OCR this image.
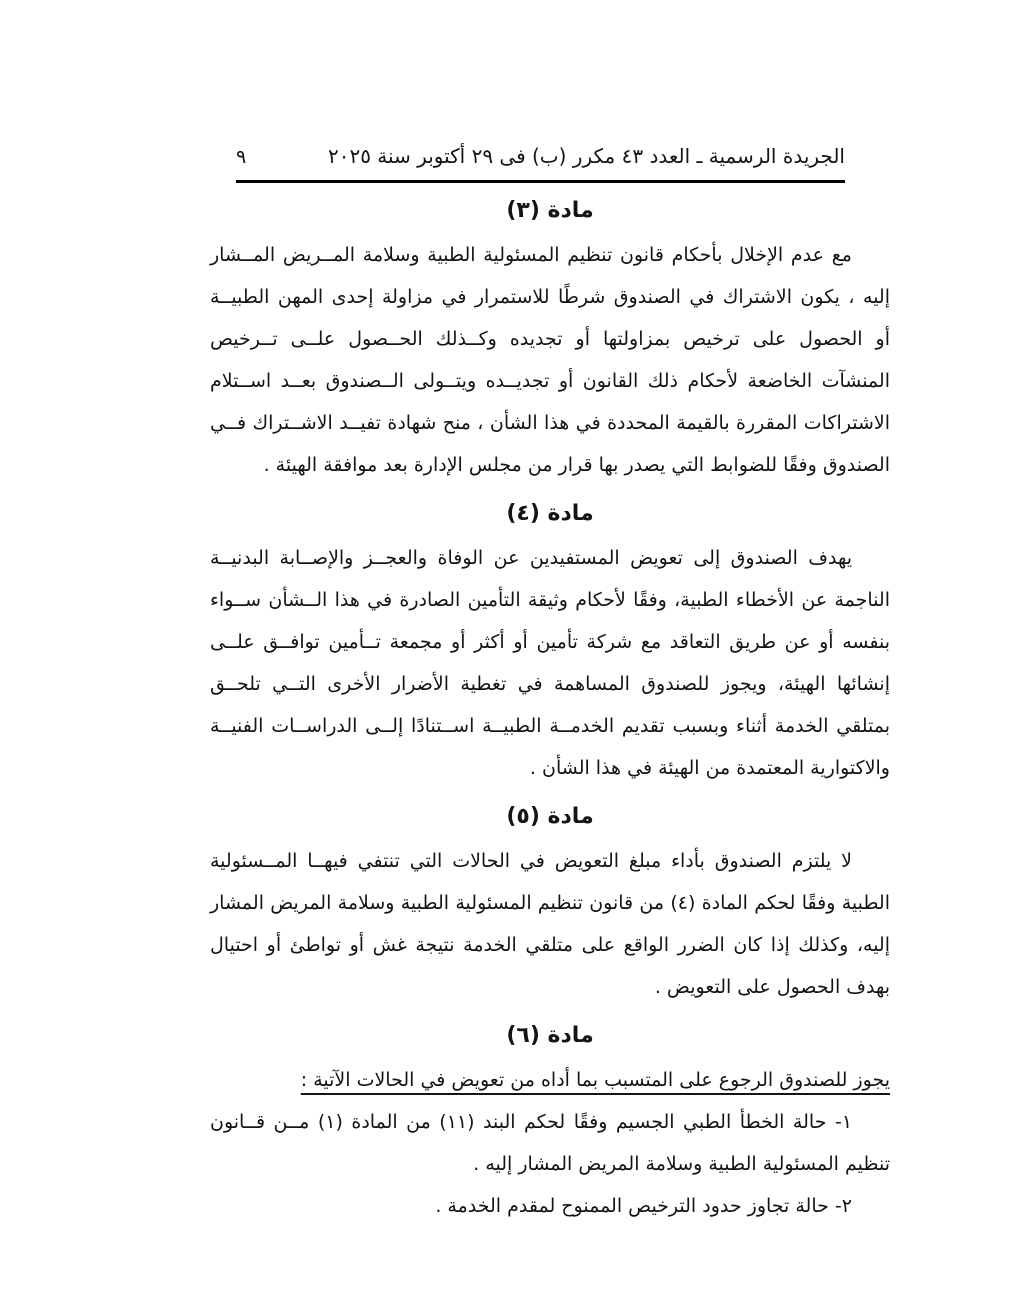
الجريدة الرسمية ـ العدد ٤٣ مكرر (ب) فى ٢٩ أكتوبر سنة ٢٠٢٥
٩
مادة (٣)
مع عدم الإخلال بأحكام قانون تنظيم المسئولية الطبية وسلامة المــريض المــشار
إليه ، يكون الاشتراك في الصندوق شرطًا للاستمرار في مزاولة إحدى المهن الطبيــة
أو الحصول على ترخيص بمزاولتها أو تجديده وكــذلك الحــصول علــى تــرخيص
المنشآت الخاضعة لأحكام ذلك القانون أو تجديــده ويتــولى الــصندوق بعــد اســتلام
الاشتراكات المقررة بالقيمة المحددة في هذا الشأن ، منح شهادة تفيــد الاشــتراك فــي
الصندوق وفقًا للضوابط التي يصدر بها قرار من مجلس الإدارة بعد موافقة الهيئة .
مادة (٤)
يهدف الصندوق إلى تعويض المستفيدين عن الوفاة والعجــز والإصــابة البدنيــة
الناجمة عن الأخطاء الطبية، وفقًا لأحكام وثيقة التأمين الصادرة في هذا الــشأن ســواء
بنفسه أو عن طريق التعاقد مع شركة تأمين أو أكثر أو مجمعة تــأمين توافــق علــى
إنشائها الهيئة، ويجوز للصندوق المساهمة في تغطية الأضرار الأخرى التــي تلحــق
بمتلقي الخدمة أثناء وبسبب تقديم الخدمــة الطبيــة اســتنادًا إلــى الدراســات الفنيــة
والاكتوارية المعتمدة من الهيئة في هذا الشأن .
مادة (٥)
لا يلتزم الصندوق بأداء مبلغ التعويض في الحالات التي تنتفي فيهــا المــسئولية
الطبية وفقًا لحكم المادة (٤) من قانون تنظيم المسئولية الطبية وسلامة المريض المشار
إليه، وكذلك إذا كان الضرر الواقع على متلقي الخدمة نتيجة غش أو تواطئ أو احتيال
بهدف الحصول على التعويض .
مادة (٦)
يجوز للصندوق الرجوع على المتسبب بما أداه من تعويض في الحالات الآتية :
١- حالة الخطأ الطبي الجسيم وفقًا لحكم البند (١١) من المادة (١) مــن قــانون
تنظيم المسئولية الطبية وسلامة المريض المشار إليه .
٢- حالة تجاوز حدود الترخيص الممنوح لمقدم الخدمة .
